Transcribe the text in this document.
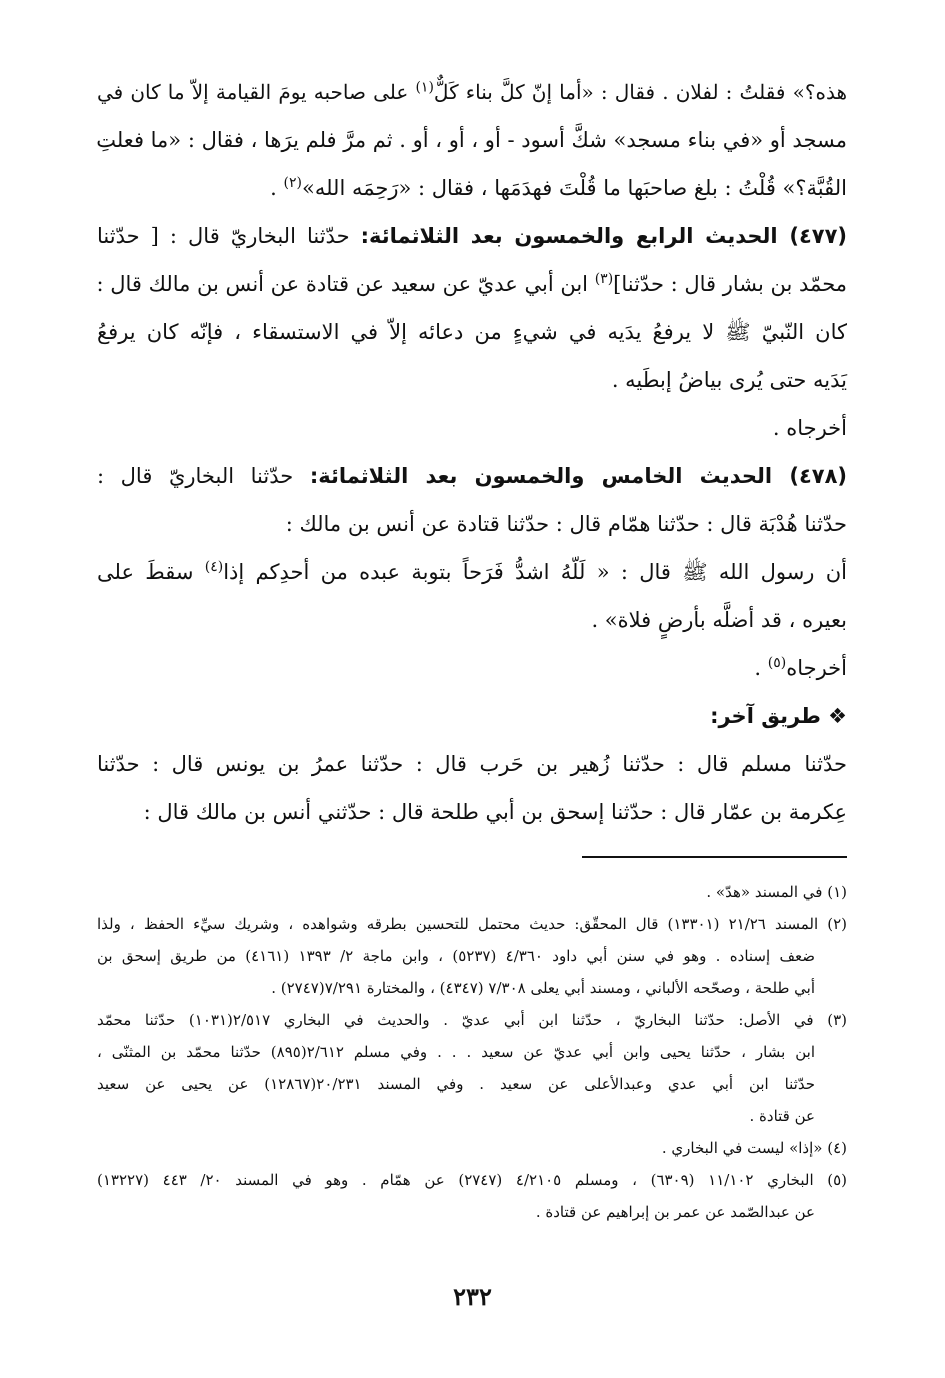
هذه؟» فقلتُ : لفلان . فقال : «أما إنّ كلَّ بناء كَلٌّ$^{(١)}$ على صاحبه يومَ القيامة إلاّ ما كان في
مسجد أو «في بناء مسجد» شكَّ أسود - أو ، أو ، أو . ثم مرَّ فلم يرَها ، فقال : «ما فعلتِ
القُبَّة؟» قُلْتُ : بلغ صاحبَها ما قُلْتَ فهدَمَها ، فقال : «رَحِمَه الله»$^{(٢)}$ .
(٤٧٧) الحديث الرابع والخمسون بعد الثلاثمائة: حدّثنا البخاريّ قال : [ حدّثنا
محمّد بن بشار قال : حدّثنا]$^{(٣)}$ ابن أبي عديّ عن سعيد عن قتادة عن أنس بن مالك قال :
كان النّبيّ ﷺ لا يرفعُ يدَيه في شيءٍ من دعائه إلاّ في الاستسقاء ، فإنّه كان يرفعُ
يَدَيه حتى يُرى بياضُ إبطَيه .
أخرجاه .
(٤٧٨) الحديث الخامس والخمسون بعد الثلاثمائة: حدّثنا البخاريّ قال :
حدّثنا هُدْبَة قال : حدّثنا همّام قال : حدّثنا قتادة عن أنس بن مالك :
أن رسول الله ﷺ قال : « لَلّهُ اشدُّ فَرَحاً بتوبة عبده من أحدِكم إذا$^{(٤)}$ سقطَ على
بعيره ، قد أضلَّه بأرضٍ فلاة» .
أخرجاه$^{(٥)}$ .
❖ طريق آخر:
حدّثنا مسلم قال : حدّثنا زُهير بن حَرب قال : حدّثنا عمرُ بن يونس قال : حدّثنا
عِكرمة بن عمّار قال : حدّثنا إسحق بن أبي طلحة قال : حدّثني أنس بن مالك قال :
(١) في المسند «هدّ» .
(٢) المسند ٢١/٢٦ (١٣٣٠١) قال المحقّق: حديث محتمل للتحسين بطرقه وشواهده ، وشريك سيِّء الحفظ ، ولذا
ضعف إسناده . وهو في سنن أبي داود ٤/٣٦٠ (٥٢٣٧) ، وابن ماجة ٢/ ١٣٩٣ (٤١٦١) من طريق إسحق بن
أبي طلحة ، وصحّحه الألباني ، ومسند أبي يعلى ٧/٣٠٨ (٤٣٤٧) ، والمختارة ٧/٢٩١(٢٧٤٧) .
(٣) في الأصل: حدّثنا البخاريّ ، حدّثنا ابن أبي عديّ . والحديث في البخاري ٢/٥١٧(١٠٣١) حدّثنا محمّد
ابن بشار ، حدّثنا يحيى وابن أبي عديّ عن سعيد . . . وفي مسلم ٢/٦١٢(٨٩٥) حدّثنا محمّد بن المثنّى ،
حدّثنا ابن أبي عدي وعبدالأعلى عن سعيد . وفي المسند ٢٠/٢٣١(١٢٨٦٧) عن يحيى عن سعيد
عن قتادة .
(٤) «إذا» ليست في البخاري .
(٥) البخاري ١١/١٠٢ (٦٣٠٩) ، ومسلم ٤/٢١٠٥ (٢٧٤٧) عن همّام . وهو في المسند ٢٠/ ٤٤٣ (١٣٢٢٧)
عن عبدالصّمد عن عمر بن إبراهيم عن قتادة .
٢٣٢
